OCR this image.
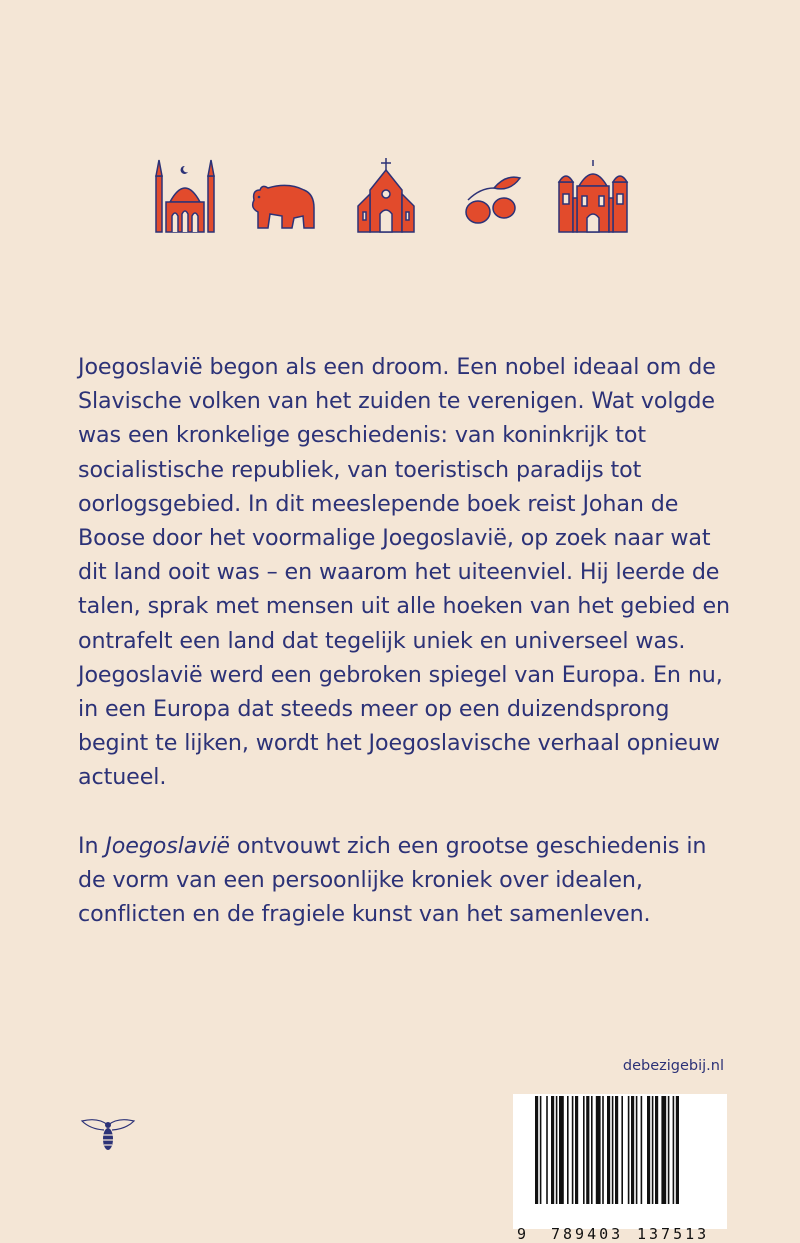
Joegoslavië begon als een droom. Een nobel ideaal om de Slavische volken van het zuiden te verenigen. Wat volgde was een kronkelige geschiedenis: van koninkrijk tot socialistische republiek, van toeristisch paradijs tot oorlogsgebied. In dit meeslepende boek reist Johan de Boose door het voormalige Joegoslavië, op zoek naar wat dit land ooit was – en waarom het uiteenviel. Hij leerde de talen, sprak met mensen uit alle hoeken van het gebied en ontrafelt een land dat tegelijk uniek en universeel was. Joegoslavië werd een gebroken spiegel van Europa. En nu, in een Europa dat steeds meer op een duizendsprong begint te lijken, wordt het Joegoslavische verhaal opnieuw actueel.

In Joegoslavië ontvouwt zich een grootse geschiedenis in de vorm van een persoonlijke kroniek over idealen, conflicten en de fragiele kunst van het samenleven.

debezigebij.nl
9 789403 137513
